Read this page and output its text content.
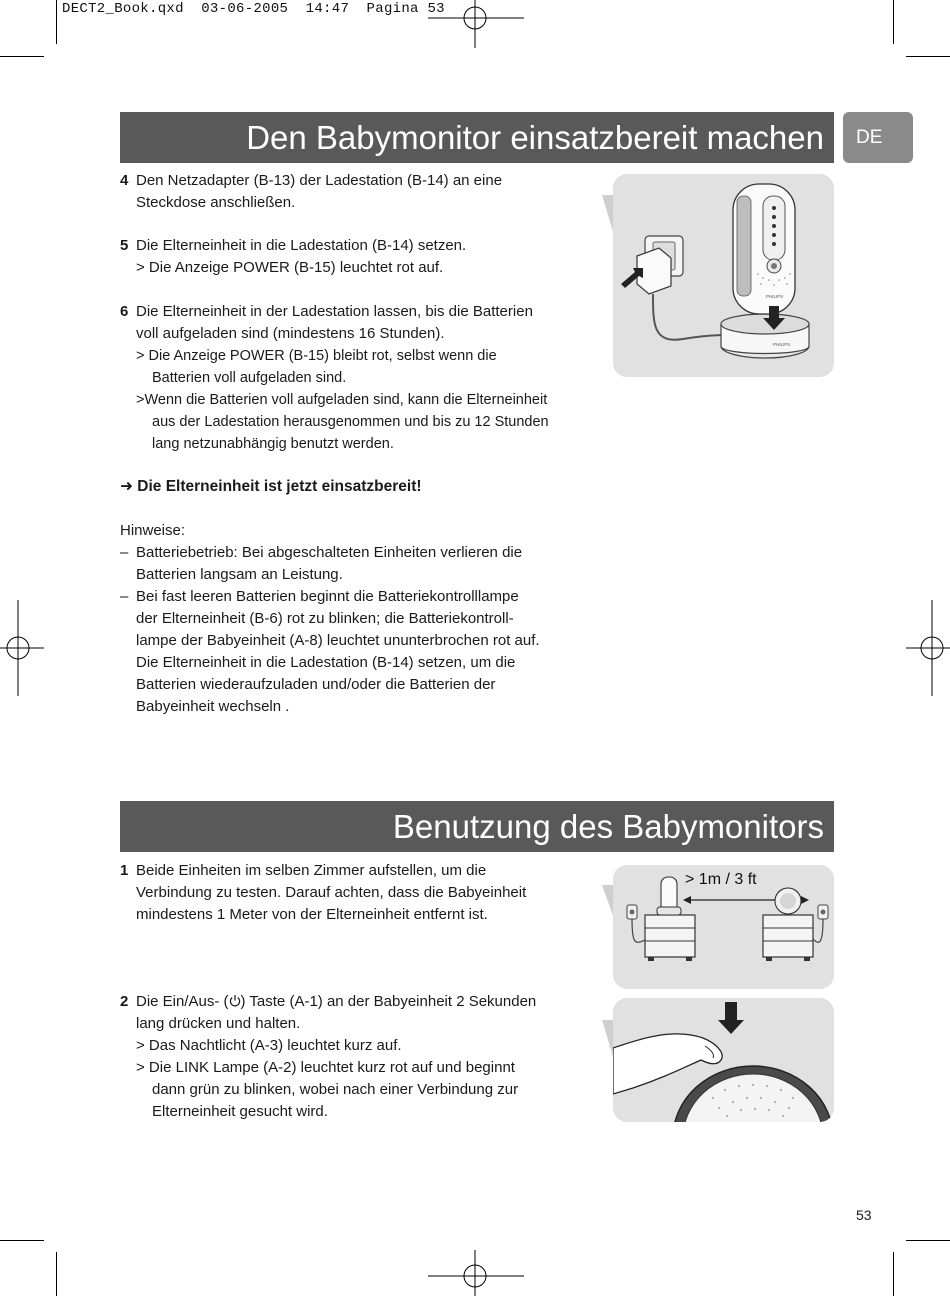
DECT2_Book.qxd  03-06-2005  14:47  Pagina 53
Den Babymonitor einsatzbereit machen	DE
4 Den Netzadapter (B-13) der Ladestation (B-14) an eine
Steckdose anschließen.
5 Die Elterneinheit in die Ladestation (B-14) setzen.
> Die Anzeige POWER (B-15) leuchtet rot auf.
6 Die Elterneinheit in der Ladestation lassen, bis die Batterien
voll aufgeladen sind (mindestens 16 Stunden).
> Die Anzeige POWER (B-15) bleibt rot, selbst wenn die
Batterien voll aufgeladen sind.
>Wenn die Batterien voll aufgeladen sind, kann die Elterneinheit
aus der Ladestation herausgenommen und bis zu 12 Stunden
lang netzunabhängig benutzt werden.
➜ Die Elterneinheit ist jetzt einsatzbereit!
Hinweise:
– Batteriebetrieb: Bei abgeschalteten Einheiten verlieren die
Batterien langsam an Leistung.
– Bei fast leeren Batterien beginnt die Batteriekontrolllampe
der Elterneinheit (B-6) rot zu blinken; die Batteriekontroll-
lampe der Babyeinheit (A-8) leuchtet ununterbrochen rot auf.
Die Elterneinheit in die Ladestation (B-14) setzen, um die
Batterien wiederaufzuladen und/oder die Batterien der
Babyeinheit wechseln .
PHILIPS
PHILIPS
Benutzung des Babymonitors
1 Beide Einheiten im selben Zimmer aufstellen, um die
Verbindung zu testen. Darauf achten, dass die Babyeinheit
mindestens 1 Meter von der Elterneinheit entfernt ist.
> 1m / 3 ft
2 Die Ein/Aus- ( ) Taste (A-1) an der Babyeinheit 2 Sekunden
lang drücken und halten.
> Das Nachtlicht (A-3) leuchtet kurz auf.
> Die LINK Lampe (A-2) leuchtet kurz rot auf und beginnt
dann grün zu blinken, wobei nach einer Verbindung zur
Elterneinheit gesucht wird.
53
